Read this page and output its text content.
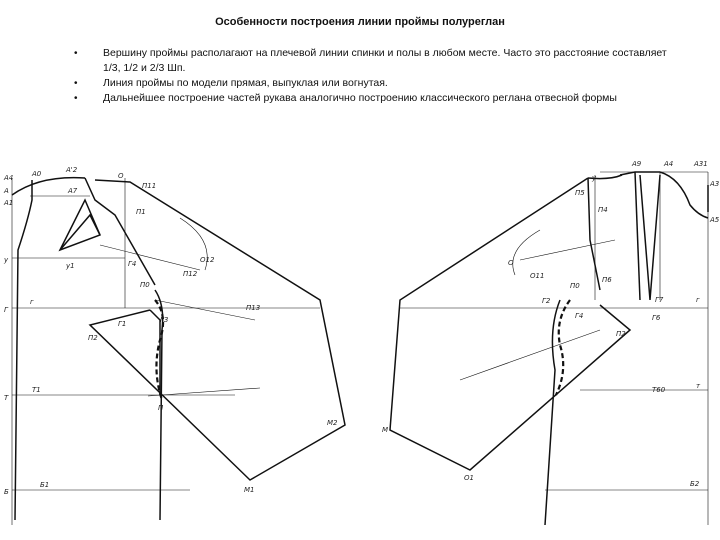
Особенности построения линии проймы полуреглан
• Вершину проймы располагают на плечевой линии спинки и полы в любом месте. Часто это расстояние составляет 1/3, 1/2 и 2/3 Шп.
• Линия проймы по модели прямая, выпуклая или вогнутая.
• Дальнейшее построение частей рукава аналогично построению классического реглана отвесной формы
А4
А
А1
А0	А'2
А7
у
у1
Г
г
Т
Т1
Б
Б1
О
П11
П1
О12
П12
Г4
П0
П13
Г1
П2
Г3
П
М2
М1
А9	А4	А31
А3
А5
у
П5
П4
О
О11
П0
П6
Г2	Г7	г
Г6
Г4
П2
Т60	т
М
О1
Б2
